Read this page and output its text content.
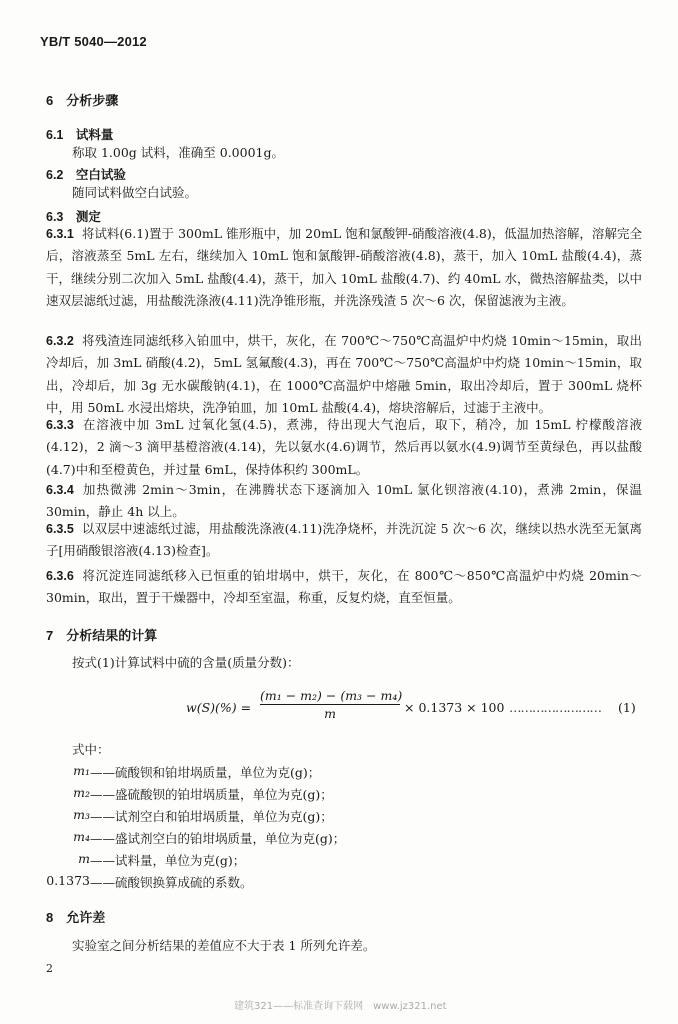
YB/T 5040—2012
6　分析步骤
6.1　试料量
称取 1.00g 试料，准确至 0.0001g。
6.2　空白试验
随同试料做空白试验。
6.3　测定
6.3.1 将试料(6.1)置于 300mL 锥形瓶中，加 20mL 饱和氯酸钾-硝酸溶液(4.8)，低温加热溶解，溶解完全后，溶液蒸至 5mL 左右，继续加入 10mL 饱和氯酸钾-硝酸溶液(4.8)，蒸干，加入 10mL 盐酸(4.4)，蒸干，继续分别二次加入 5mL 盐酸(4.4)，蒸干，加入 10mL 盐酸(4.7)、约 40mL 水，微热溶解盐类，以中速双层滤纸过滤，用盐酸洗涤液(4.11)洗净锥形瓶，并洗涤残渣 5 次～6 次，保留滤液为主液。
6.3.2 将残渣连同滤纸移入铂皿中，烘干，灰化，在 700℃～750℃高温炉中灼烧 10min～15min，取出冷却后，加 3mL 硝酸(4.2)，5mL 氢氟酸(4.3)，再在 700℃～750℃高温炉中灼烧 10min～15min，取出，冷却后，加 3g 无水碳酸钠(4.1)，在 1000℃高温炉中熔融 5min，取出冷却后，置于 300mL 烧杯中，用 50mL 水浸出熔块，洗净铂皿，加 10mL 盐酸(4.4)，熔块溶解后，过滤于主液中。
6.3.3 在溶液中加 3mL 过氧化氢(4.5)，煮沸，待出现大气泡后，取下，稍冷，加 15mL 柠檬酸溶液(4.12)，2 滴～3 滴甲基橙溶液(4.14)，先以氨水(4.6)调节，然后再以氨水(4.9)调节至黄绿色，再以盐酸(4.7)中和至橙黄色，并过量 6mL，保持体积约 300mL。
6.3.4 加热微沸 2min～3min，在沸腾状态下逐滴加入 10mL 氯化钡溶液(4.10)，煮沸 2min，保温 30min，静止 4h 以上。
6.3.5 以双层中速滤纸过滤，用盐酸洗涤液(4.11)洗净烧杯，并洗沉淀 5 次～6 次，继续以热水洗至无氯离子[用硝酸银溶液(4.13)检查]。
6.3.6 将沉淀连同滤纸移入已恒重的铂坩埚中，烘干，灰化，在 800℃～850℃高温炉中灼烧 20min～30min，取出，置于干燥器中，冷却至室温，称重，反复灼烧，直至恒量。
7　分析结果的计算
按式(1)计算试料中硫的含量(质量分数)：
$w(S)(\%) = \frac{\text{(m₁ − m₂) − (m₃ − m₄)}}{m} \times 0.1373 \times 100$ …………………… (1)
式中：
m₁ ——硫酸钡和铂坩埚质量，单位为克(g)；
m₂ ——盛硫酸钡的铂坩埚质量，单位为克(g)；
m₃ ——试剂空白和铂坩埚质量，单位为克(g)；
m₄ ——盛试剂空白的铂坩埚质量，单位为克(g)；
m ——试料量，单位为克(g)；
0.1373 ——硫酸钡换算成硫的系数。
8　允许差
实验室之间分析结果的差值应不大于表 1 所列允许差。
2
建筑321——标准查询下载网　www.jz321.net
